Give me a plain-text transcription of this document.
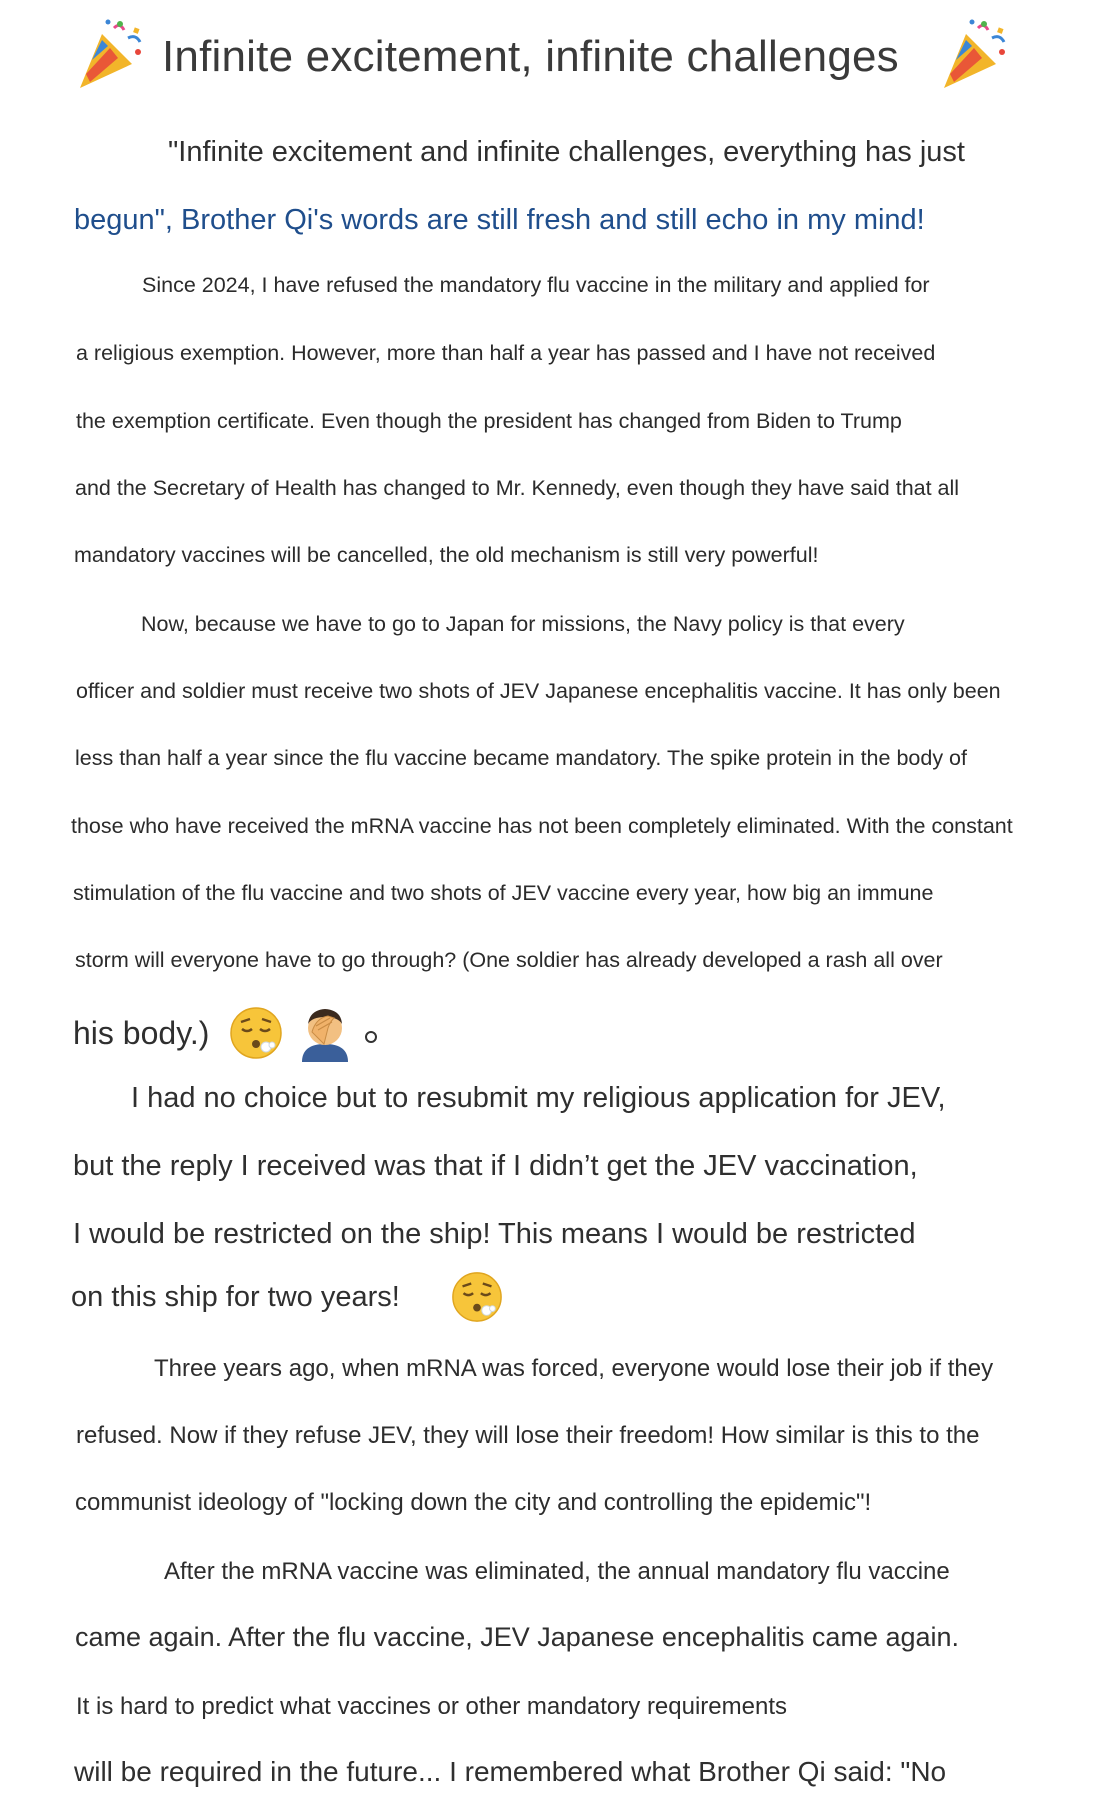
Infinite excitement, infinite challenges
"Infinite excitement and infinite challenges, everything has just
begun", Brother Qi's words are still fresh and still echo in my mind!
Since 2024, I have refused the mandatory flu vaccine in the military and applied for
a religious exemption. However, more than half a year has passed and I have not received
the exemption certificate. Even though the president has changed from Biden to Trump
and the Secretary of Health has changed to Mr. Kennedy, even though they have said that all
mandatory vaccines will be cancelled, the old mechanism is still very powerful!
Now, because we have to go to Japan for missions, the Navy policy is that every
officer and soldier must receive two shots of JEV Japanese encephalitis vaccine. It has only been
less than half a year since the flu vaccine became mandatory. The spike protein in the body of
those who have received the mRNA vaccine has not been completely eliminated. With the constant
stimulation of the flu vaccine and two shots of JEV vaccine every year, how big an immune
storm will everyone have to go through? (One soldier has already developed a rash all over
his body.)
I had no choice but to resubmit my religious application for JEV,
but the reply I received was that if I didn’t get the JEV vaccination,
I would be restricted on the ship! This means I would be restricted
on this ship for two years!
Three years ago, when mRNA was forced, everyone would lose their job if they
refused. Now if they refuse JEV, they will lose their freedom! How similar is this to the
communist ideology of "locking down the city and controlling the epidemic"!
After the mRNA vaccine was eliminated, the annual mandatory flu vaccine
came again. After the flu vaccine, JEV Japanese encephalitis came again.
It is hard to predict what vaccines or other mandatory requirements
will be required in the future... I remembered what Brother Qi said: "No
